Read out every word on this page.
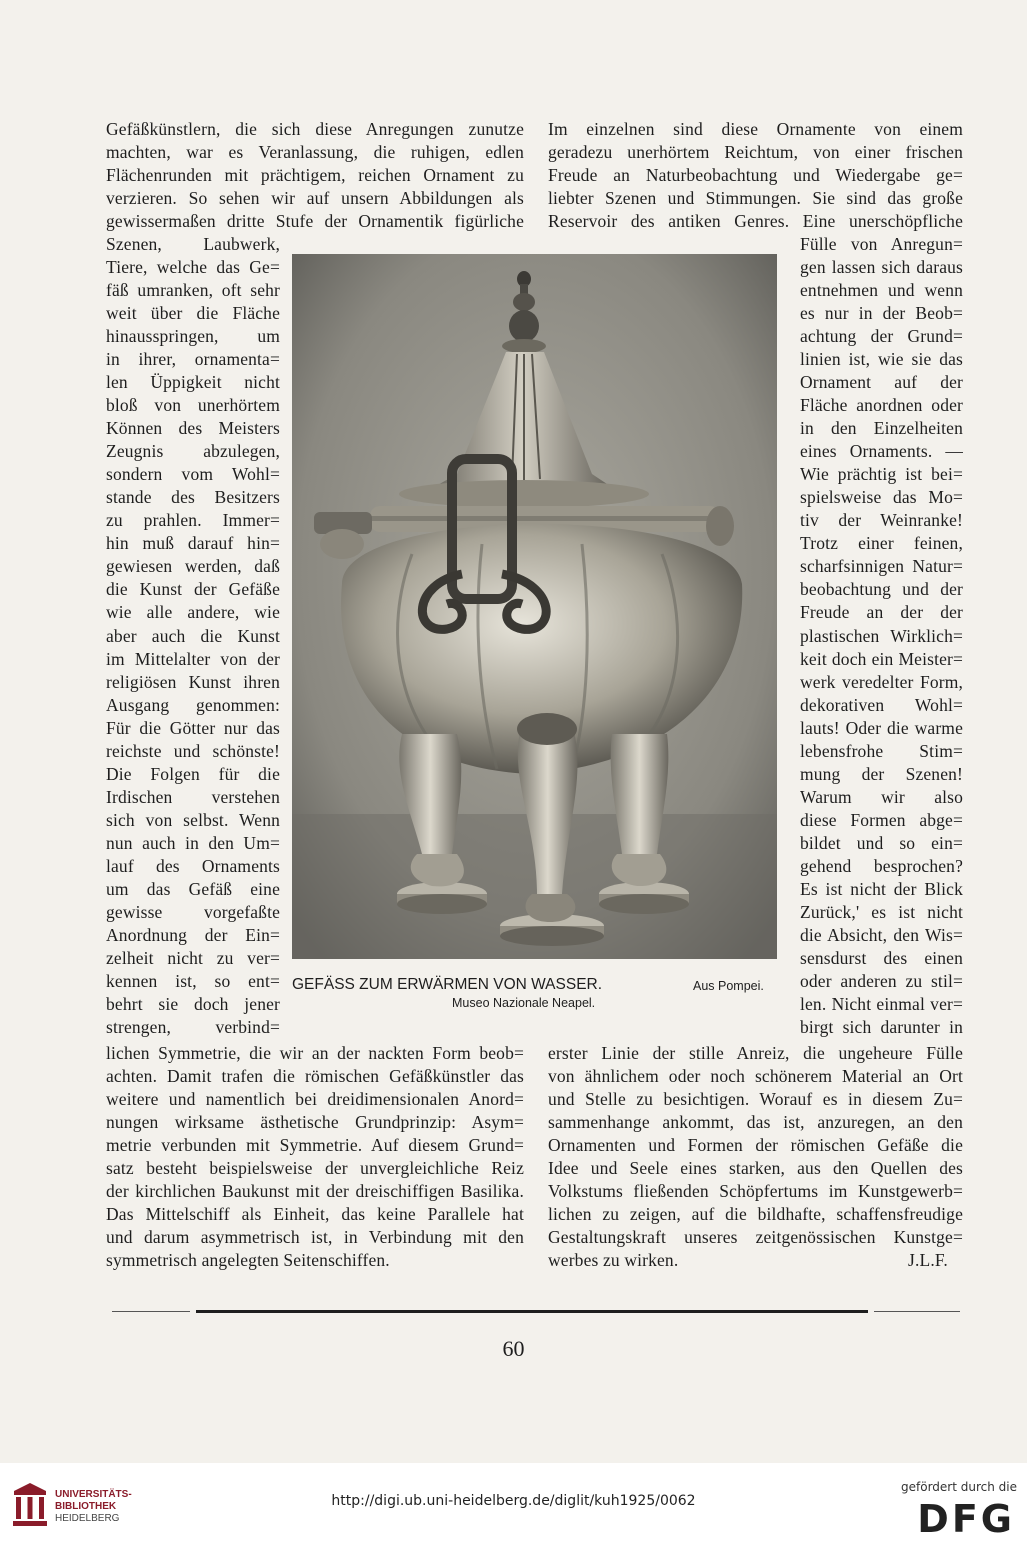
Gefäßkünstlern, die sich diese Anregungen zunutze
machten, war es Veranlassung, die ruhigen, edlen
Flächenrunden mit prächtigem, reichen Ornament zu
verzieren. So sehen wir auf unsern Abbildungen als
gewissermaßen dritte Stufe der Ornamentik figürliche
Szenen, Laubwerk,
Tiere, welche das Ge=
fäß umranken, oft sehr
weit über die Fläche
hinausspringen, um
in ihrer, ornamenta=
len Üppigkeit nicht
bloß von unerhörtem
Können des Meisters
Zeugnis abzulegen,
sondern vom Wohl=
stande des Besitzers
zu prahlen. Immer=
hin muß darauf hin=
gewiesen werden, daß
die Kunst der Gefäße
wie alle andere, wie
aber auch die Kunst
im Mittelalter von der
religiösen Kunst ihren
Ausgang genommen:
Für die Götter nur das
reichste und schönste!
Die Folgen für die
Irdischen verstehen
sich von selbst. Wenn
nun auch in den Um=
lauf des Ornaments
um das Gefäß eine
gewisse vorgefaßte
Anordnung der Ein=
zelheit nicht zu ver=
kennen ist, so ent=
behrt sie doch jener
strengen, verbind=
lichen Symmetrie, die wir an der nackten Form beob=
achten. Damit trafen die römischen Gefäßkünstler das
weitere und namentlich bei dreidimensionalen Anord=
nungen wirksame ästhetische Grundprinzip: Asym=
metrie verbunden mit Symmetrie. Auf diesem Grund=
satz besteht beispielsweise der unvergleichliche Reiz
der kirchlichen Baukunst mit der dreischiffigen Basilika.
Das Mittelschiff als Einheit, das keine Parallele hat
und darum asymmetrisch ist, in Verbindung mit den
symmetrisch angelegten Seitenschiffen.
Im einzelnen sind diese Ornamente von einem
geradezu unerhörtem Reichtum, von einer frischen
Freude an Naturbeobachtung und Wiedergabe ge=
liebter Szenen und Stimmungen. Sie sind das große
Reservoir des antiken Genres. Eine unerschöpfliche
Fülle von Anregun=
gen lassen sich daraus
entnehmen und wenn
es nur in der Beob=
achtung der Grund=
linien ist, wie sie das
Ornament auf der
Fläche anordnen oder
in den Einzelheiten
eines Ornaments. —
Wie prächtig ist bei=
spielsweise das Mo=
tiv der Weinranke!
Trotz einer feinen,
scharfsinnigen Natur=
beobachtung und der
Freude an der der
plastischen Wirklich=
keit doch ein Meister=
werk veredelter Form,
dekorativen Wohl=
lauts! Oder die warme
lebensfrohe Stim=
mung der Szenen!
Warum wir also
diese Formen abge=
bildet und so ein=
gehend besprochen?
Es ist nicht der Blick
Zurück,' es ist nicht
die Absicht, den Wis=
sensdurst des einen
oder anderen zu stil=
len. Nicht einmal ver=
birgt sich darunter in
erster Linie der stille Anreiz, die ungeheure Fülle
von ähnlichem oder noch schönerem Material an Ort
und Stelle zu besichtigen. Worauf es in diesem Zu=
sammenhange ankommt, das ist, anzuregen, an den
Ornamenten und Formen der römischen Gefäße die
Idee und Seele eines starken, aus den Quellen des
Volkstums fließenden Schöpfertums im Kunstgewerb=
lichen zu zeigen, auf die bildhafte, schaffensfreudige
Gestaltungskraft unseres zeitgenössischen Kunstge=
werbes zu wirken.	J.L.F.
GEFÄSS ZUM ERWÄRMEN VON WASSER.	Aus Pompei.
Museo Nazionale Neapel.
60
UNIVERSITÄTS-
BIBLIOTHEK
HEIDELBERG
http://digi.ub.uni-heidelberg.de/diglit/kuh1925/0062
gefördert durch die
DFG
